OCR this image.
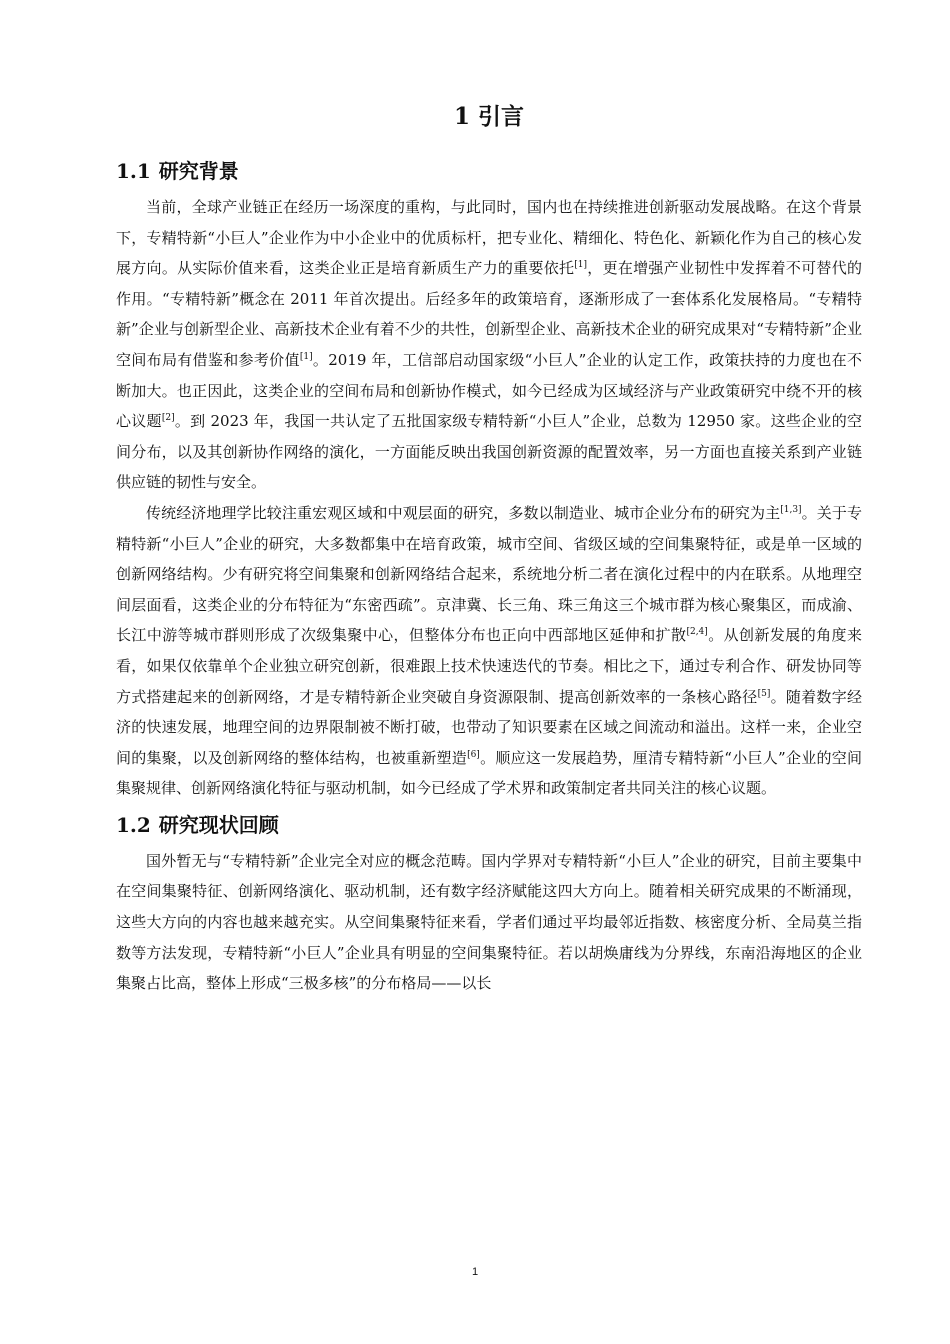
1 引言
1.1 研究背景

当前，全球产业链正在经历一场深度的重构，与此同时，国内也在持续推进创新驱动发展战略。在这个背景下，专精特新“小巨人”企业作为中小企业中的优质标杆，把专业化、精细化、特色化、新颖化作为自己的核心发展方向。从实际价值来看，这类企业正是培育新质生产力的重要依托[1]，更在增强产业韧性中发挥着不可替代的作用。“专精特新”概念在 2011 年首次提出。后经多年的政策培育，逐渐形成了一套体系化发展格局。“专精特新”企业与创新型企业、高新技术企业有着不少的共性，创新型企业、高新技术企业的研究成果对“专精特新”企业空间布局有借鉴和参考价值[1]。2019 年，工信部启动国家级“小巨人”企业的认定工作，政策扶持的力度也在不断加大。也正因此，这类企业的空间布局和创新协作模式，如今已经成为区域经济与产业政策研究中绕不开的核心议题[2]。到 2023 年，我国一共认定了五批国家级专精特新“小巨人”企业，总数为 12950 家。这些企业的空间分布，以及其创新协作网络的演化，一方面能反映出我国创新资源的配置效率，另一方面也直接关系到产业链供应链的韧性与安全。

传统经济地理学比较注重宏观区域和中观层面的研究，多数以制造业、城市企业分布的研究为主[1,3]。关于专精特新“小巨人”企业的研究，大多数都集中在培育政策，城市空间、省级区域的空间集聚特征，或是单一区域的创新网络结构。少有研究将空间集聚和创新网络结合起来，系统地分析二者在演化过程中的内在联系。从地理空间层面看，这类企业的分布特征为“东密西疏”。京津冀、长三角、珠三角这三个城市群为核心聚集区，而成渝、长江中游等城市群则形成了次级集聚中心，但整体分布也正向中西部地区延伸和扩散[2,4]。从创新发展的角度来看，如果仅依靠单个企业独立研究创新，很难跟上技术快速迭代的节奏。相比之下，通过专利合作、研发协同等方式搭建起来的创新网络，才是专精特新企业突破自身资源限制、提高创新效率的一条核心路径[5]。随着数字经济的快速发展，地理空间的边界限制被不断打破，也带动了知识要素在区域之间流动和溢出。这样一来，企业空间的集聚，以及创新网络的整体结构，也被重新塑造[6]。顺应这一发展趋势，厘清专精特新“小巨人”企业的空间集聚规律、创新网络演化特征与驱动机制，如今已经成了学术界和政策制定者共同关注的核心议题。

1.2 研究现状回顾

国外暂无与“专精特新”企业完全对应的概念范畴。国内学界对专精特新“小巨人”企业的研究，目前主要集中在空间集聚特征、创新网络演化、驱动机制，还有数字经济赋能这四大方向上。随着相关研究成果的不断涌现，这些大方向的内容也越来越充实。从空间集聚特征来看，学者们通过平均最邻近指数、核密度分析、全局莫兰指数等方法发现，专精特新“小巨人”企业具有明显的空间集聚特征。若以胡焕庸线为分界线，东南沿海地区的企业集聚占比高，整体上形成“三极多核”的分布格局——以长

1
